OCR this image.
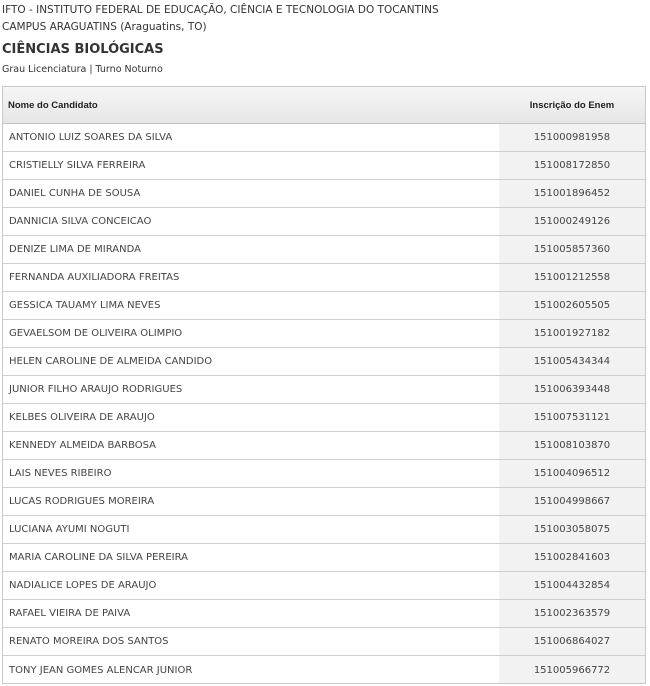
IFTO - INSTITUTO FEDERAL DE EDUCAÇÃO, CIÊNCIA E TECNOLOGIA DO TOCANTINS
CAMPUS ARAGUATINS (Araguatins, TO)
CIÊNCIAS BIOLÓGICAS
Grau Licenciatura | Turno Noturno
Nome do Candidato	Inscrição do Enem
ANTONIO LUIZ SOARES DA SILVA	151000981958
CRISTIELLY SILVA FERREIRA	151008172850
DANIEL CUNHA DE SOUSA	151001896452
DANNICIA SILVA CONCEICAO	151000249126
DENIZE LIMA DE MIRANDA	151005857360
FERNANDA AUXILIADORA FREITAS	151001212558
GESSICA TAUAMY LIMA NEVES	151002605505
GEVAELSOM DE OLIVEIRA OLIMPIO	151001927182
HELEN CAROLINE DE ALMEIDA CANDIDO	151005434344
JUNIOR FILHO ARAUJO RODRIGUES	151006393448
KELBES OLIVEIRA DE ARAUJO	151007531121
KENNEDY ALMEIDA BARBOSA	151008103870
LAIS NEVES RIBEIRO	151004096512
LUCAS RODRIGUES MOREIRA	151004998667
LUCIANA AYUMI NOGUTI	151003058075
MARIA CAROLINE DA SILVA PEREIRA	151002841603
NADIALICE LOPES DE ARAUJO	151004432854
RAFAEL VIEIRA DE PAIVA	151002363579
RENATO MOREIRA DOS SANTOS	151006864027
TONY JEAN GOMES ALENCAR JUNIOR	151005966772
